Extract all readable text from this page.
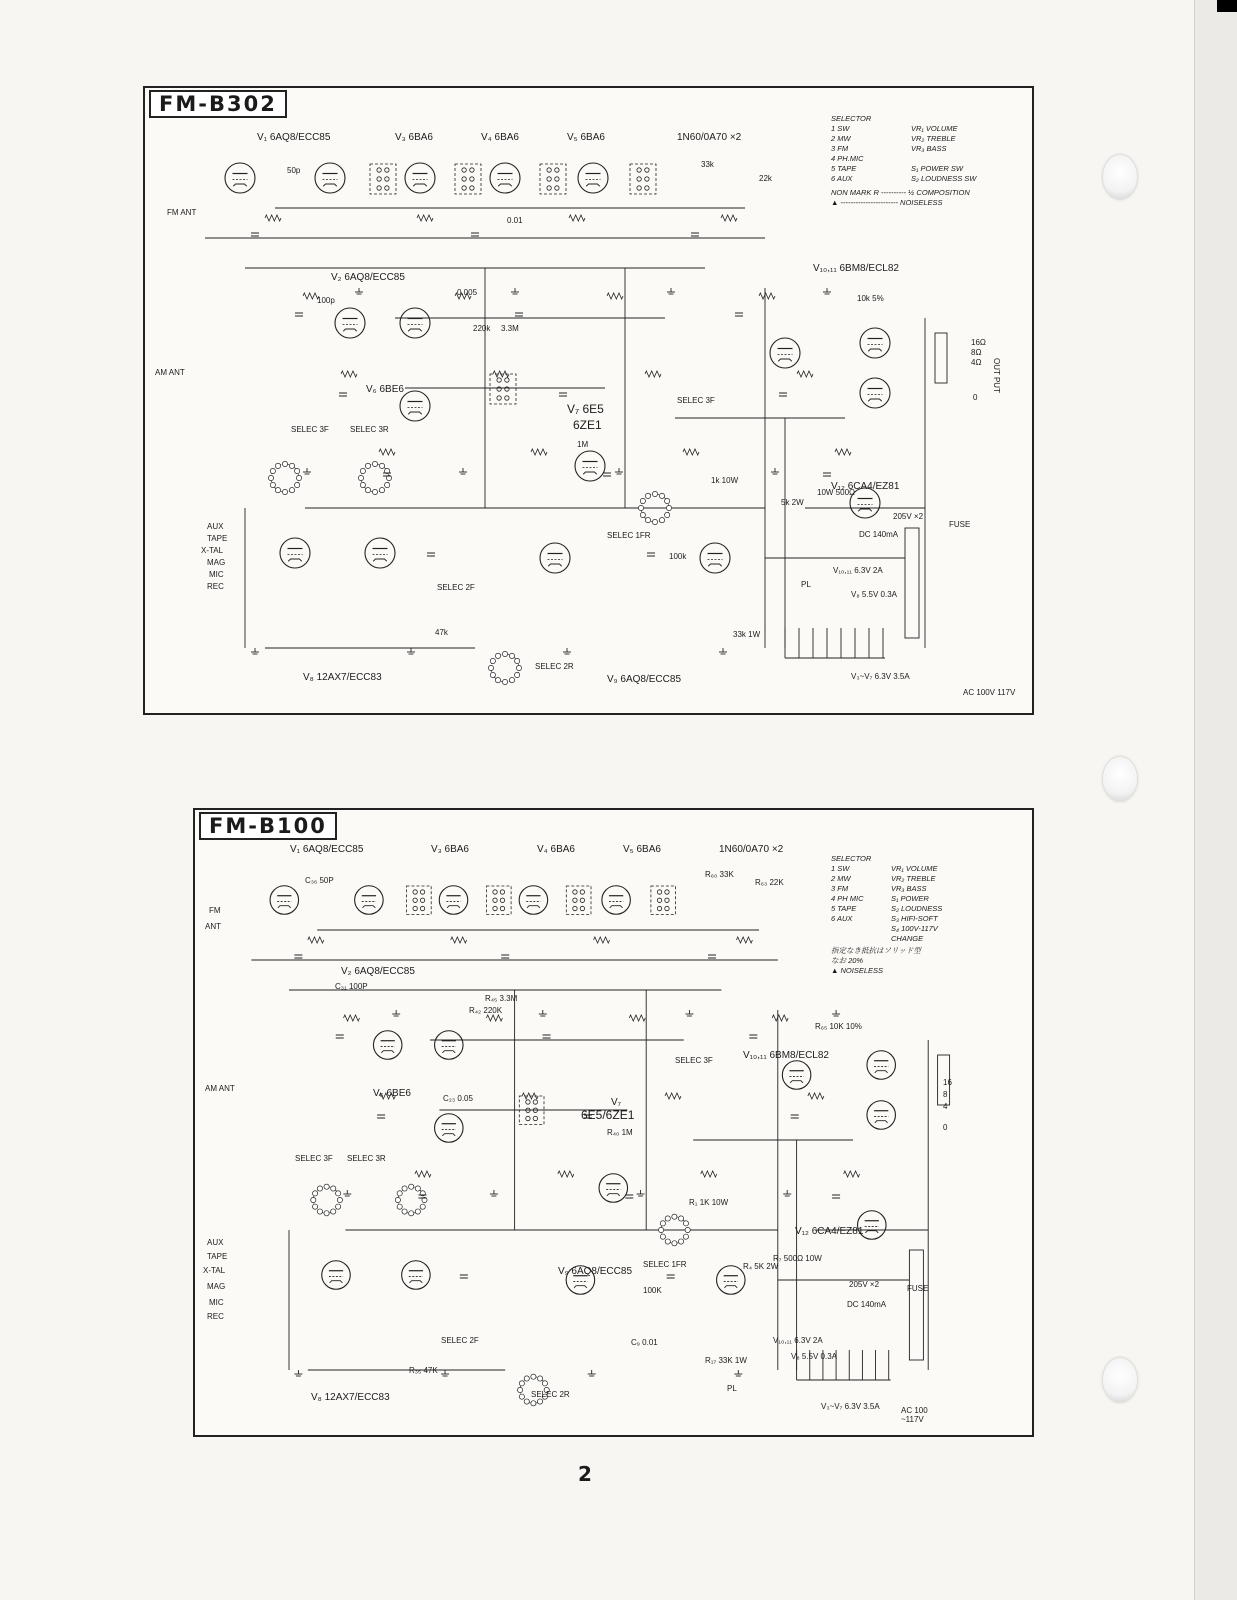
FM-B302
V₁ 6AQ8/ECC85	V₃ 6BA6	V₄ 6BA6	V₅ 6BA6	1N60/0A70 ×2
V₂ 6AQ8/ECC85
V₁₀,₁₁ 6BM8/ECL82
V₆ 6BE6
V₇ 6E5
6ZE1
V₁₂ 6CA4/EZ81
V₈ 12AX7/ECC83	V₉ 6AQ8/ECC85
FM ANT
AM ANT
AUX
TAPE
X-TAL
MAG
MIC
REC
FUSE
OUT PUT
16Ω
8Ω
4Ω
0
AC 100V 117V
SELEC 3F	SELEC 3R
SELEC 2F
SELEC 2R
SELEC 1FR
SELEC 3F
DC 140mA
205V ×2
V₃~V₇ 6.3V 3.5A
V₁₀,₁₁ 6.3V 2A
V₈ 5.5V 0.3A
PL
10k 5%
1k 10W
5k 2W
10W 500Ω
33k 1W
22k
33k
100k
47k
3.3M
50p
100p
0.005
0.01
220k
1M
SELECTOR
1 SW	VR₁ VOLUME
2 MW	VR₂ TREBLE
3 FM	VR₃ BASS
4 PH.MIC
5 TAPE	S₁ POWER SW
6 AUX	S₂ LOUDNESS SW
NON MARK R ---------- ½ COMPOSITION
▲ ----------------------- NOISELESS
FM-B100
V₁ 6AQ8/ECC85	V₃ 6BA6	V₄ 6BA6	V₅ 6BA6	1N60/0A70 ×2
V₂ 6AQ8/ECC85
V₁₀,₁₁ 6BM8/ECL82
V₆ 6BE6
V₇
6E5/6ZE1
V₁₂ 6CA4/EZ81
V₈ 12AX7/ECC83
V₉ 6AQ8/ECC85
FM
ANT
AM ANT
AUX
TAPE
X-TAL
MAG
MIC
REC
FUSE
16
8
4
0
AC 100 ~117V
SELEC 3F SELEC 3R
SELEC 2F
SELEC 2R
SELEC 1FR
SELEC 3F
DC 140mA
205V ×2
V₃~V₇ 6.3V 3.5A
V₁₀,₁₁ 6.3V 2A
V₈ 5.5V 0.3A
PL
R₆₅ 10K 10%
R₁ 1K 10W
R₄ 5K 2W
R₇ 500Ω 10W
R₁₇ 33K 1W
R₆₃ 22K
R₆₀ 33K
100K
R₃₅ 47K
R₄₅ 3.3M
C₃₆ 50P
C₃₁ 100P
C₂₃ 0.05
C₉ 0.01
R₄₂ 220K
R₄₀ 1M
SELECTOR
1 SW	VR₁ VOLUME
2 MW	VR₂ TREBLE
3 FM	VR₃ BASS
4 PH MIC	S₁ POWER
5 TAPE	S₂ LOUDNESS
6 AUX	S₃ HIFI-SOFT
S₄ 100V-117V
CHANGE
指定なき抵抗はソリッド型
なお 20%
▲ NOISELESS
2
